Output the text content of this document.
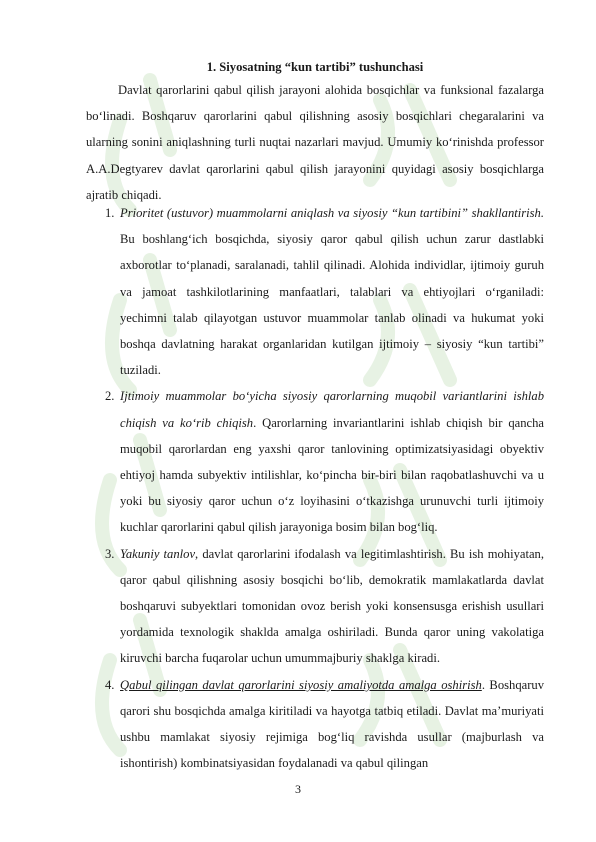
1. Siyosatning “kun tartibi” tushunchasi

Davlat qarorlarini qabul qilish jarayoni alohida bosqichlar va funksional fazalarga bo‘linadi. Boshqaruv qarorlarini qabul qilishning asosiy bosqichlari chegaralarini va ularning sonini aniqlashning turli nuqtai nazarlari mavjud. Umumiy ko‘rinishda professor A.A.Degtyarev davlat qarorlarini qabul qilish jarayonini quyidagi asosiy bosqichlarga ajratib chiqadi.

1. Prioritet (ustuvor) muammolarni aniqlash va siyosiy “kun tartibini” shakllantirish. Bu boshlang‘ich bosqichda, siyosiy qaror qabul qilish uchun zarur dastlabki axborotlar to‘planadi, saralanadi, tahlil qilinadi. Alohida individlar, ijtimoiy guruh va jamoat tashkilotlarining manfaatlari, talablari va ehtiyojlari o‘rganiladi: yechimni talab qilayotgan ustuvor muammolar tanlab olinadi va hukumat yoki boshqa davlatning harakat organlaridan kutilgan ijtimoiy – siyosiy “kun tartibi” tuziladi.
2. Ijtimoiy muammolar bo‘yicha siyosiy qarorlarning muqobil variantlarini ishlab chiqish va ko‘rib chiqish. Qarorlarning invariantlarini ishlab chiqish bir qancha muqobil qarorlardan eng yaxshi qaror tanlovining optimizatsiyasidagi obyektiv ehtiyoj hamda subyektiv intilishlar, ko‘pincha bir-biri bilan raqobatlashuvchi va u yoki bu siyosiy qaror uchun o‘z loyihasini o‘tkazishga urunuvchi turli ijtimoiy kuchlar qarorlarini qabul qilish jarayoniga bosim bilan bog‘liq.
3. Yakuniy tanlov, davlat qarorlarini ifodalash va legitimlashtirish. Bu ish mohiyatan, qaror qabul qilishning asosiy bosqichi bo‘lib, demokratik mamlakatlarda davlat boshqaruvi subyektlari tomonidan ovoz berish yoki konsensusga erishish usullari yordamida texnologik shaklda amalga oshiriladi. Bunda qaror uning vakolatiga kiruvchi barcha fuqarolar uchun umummajburiy shaklga kiradi.
4. Qabul qilingan davlat qarorlarini siyosiy amaliyotda amalga oshirish. Boshqaruv qarori shu bosqichda amalga kiritiladi va hayotga tatbiq etiladi. Davlat ma’muriyati ushbu mamlakat siyosiy rejimiga bog‘liq ravishda usullar (majburlash va ishontirish) kombinatsiyasidan foydalanadi va qabul qilingan
3
